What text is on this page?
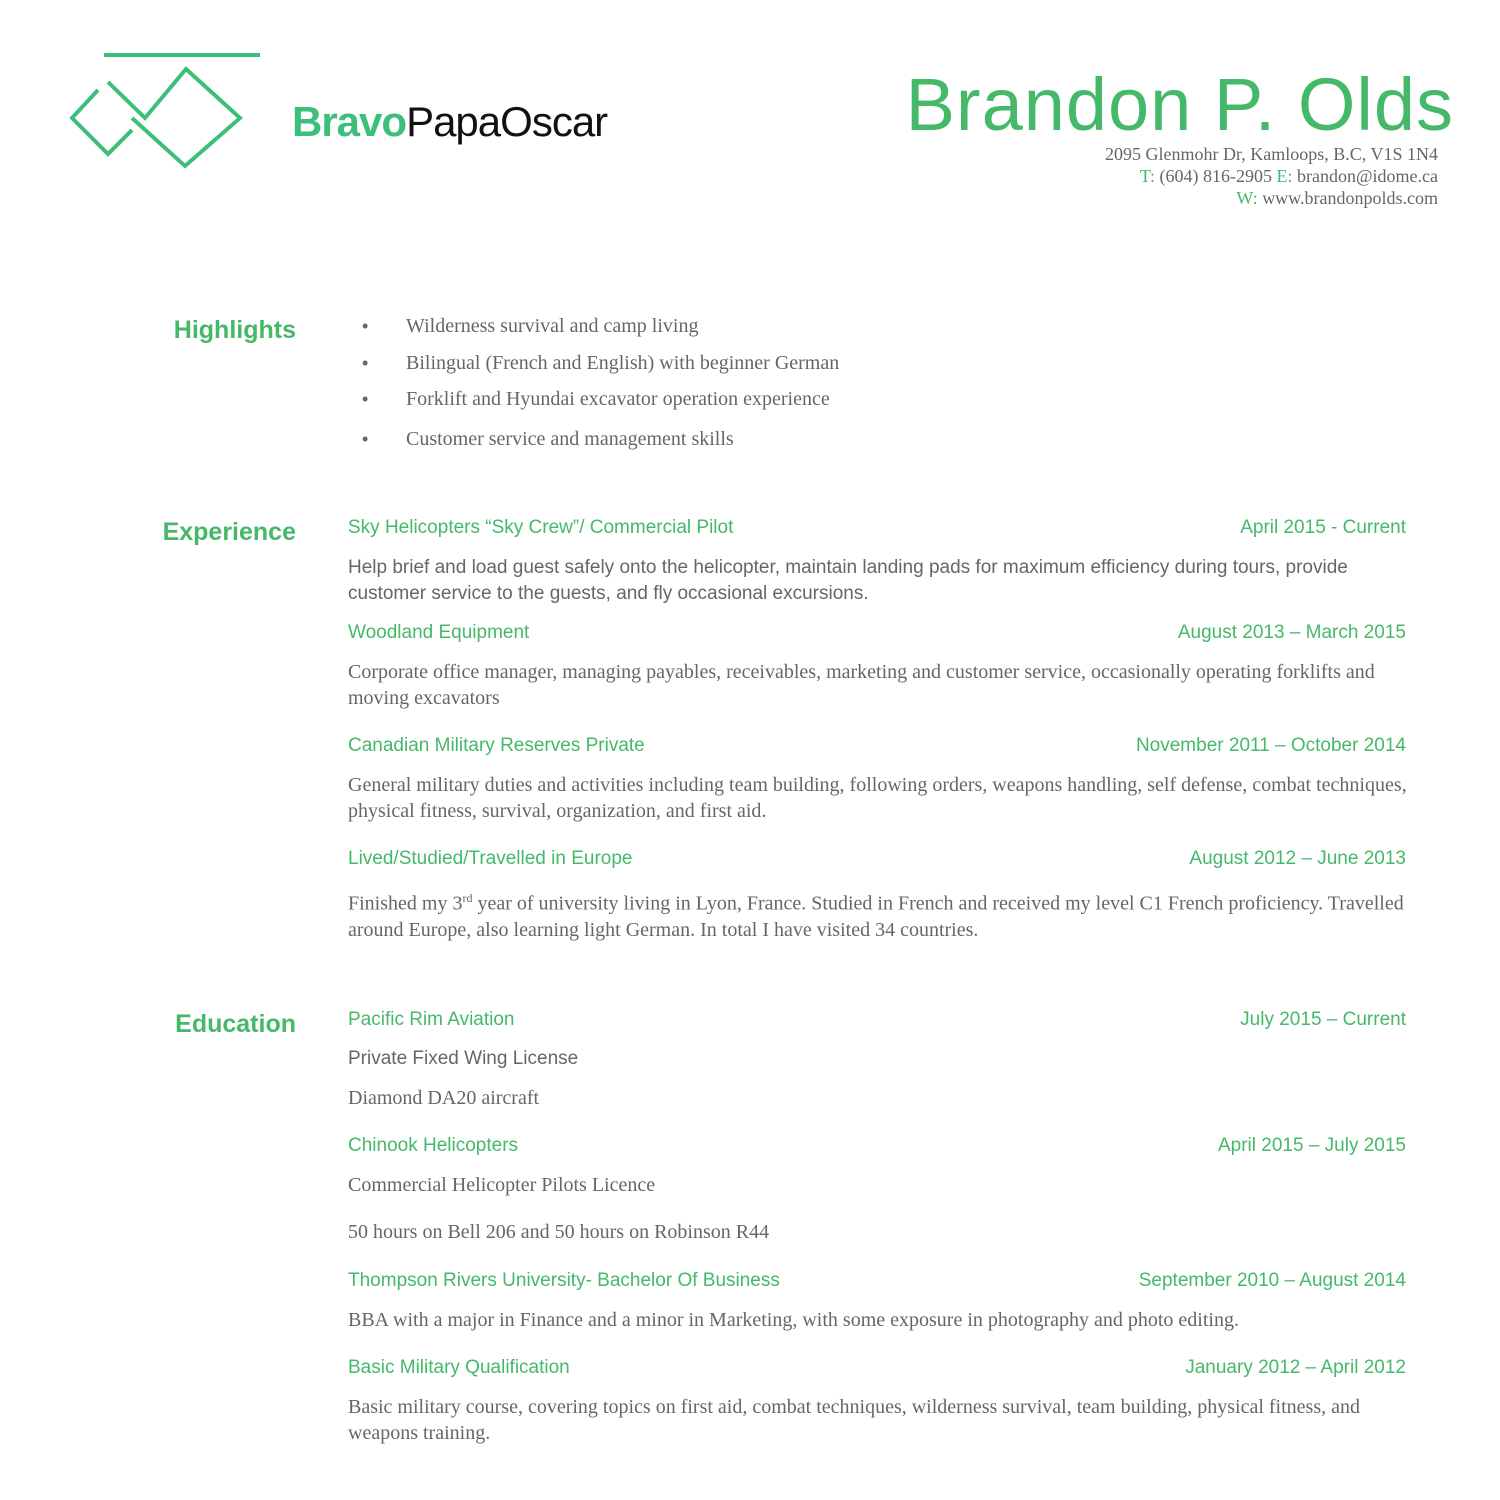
BravoPapaOscar	Brandon P. Olds
2095 Glenmohr Dr, Kamloops, B.C, V1S 1N4
T: (604) 816-2905 E: brandon@idome.ca
W: www.brandonpolds.com
Highlights	• Wilderness survival and camp living
• Bilingual (French and English) with beginner German
• Forklift and Hyundai excavator operation experience
• Customer service and management skills
Experience	Sky Helicopters “Sky Crew”/ Commercial Pilot	April 2015 - Current
Help brief and load guest safely onto the helicopter, maintain landing pads for maximum efficiency during tours, provide customer service to the guests, and fly occasional excursions.
Woodland Equipment	August 2013 – March 2015
Corporate office manager, managing payables, receivables, marketing and customer service, occasionally operating forklifts and moving excavators
Canadian Military Reserves Private	November 2011 – October 2014
General military duties and activities including team building, following orders, weapons handling, self defense, combat techniques, physical fitness, survival, organization, and first aid.
Lived/Studied/Travelled in Europe	August 2012 – June 2013
Finished my 3rd year of university living in Lyon, France. Studied in French and received my level C1 French proficiency. Travelled around Europe, also learning light German. In total I have visited 34 countries.
Education	Pacific Rim Aviation	July 2015 – Current
Private Fixed Wing License
Diamond DA20 aircraft
Chinook Helicopters	April 2015 – July 2015
Commercial Helicopter Pilots Licence
50 hours on Bell 206 and 50 hours on Robinson R44
Thompson Rivers University- Bachelor Of Business	September 2010 – August 2014
BBA with a major in Finance and a minor in Marketing, with some exposure in photography and photo editing.
Basic Military Qualification	January 2012 – April 2012
Basic military course, covering topics on first aid, combat techniques, wilderness survival, team building, physical fitness, and weapons training.
